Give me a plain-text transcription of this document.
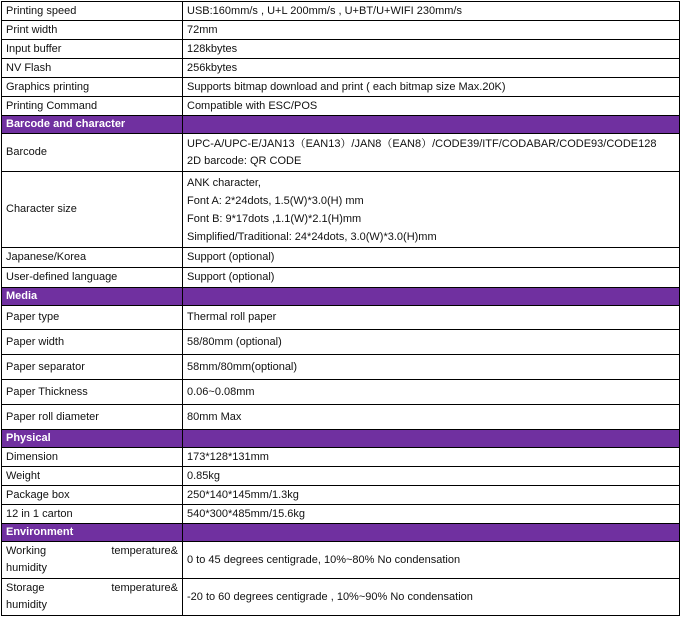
Printing speed	USB:160mm/s , U+L 200mm/s , U+BT/U+WIFI 230mm/s
Print width	72mm
Input buffer	128kbytes
NV Flash	256kbytes
Graphics printing	Supports bitmap download and print ( each bitmap size Max.20K)
Printing Command	Compatible with ESC/POS
Barcode and character	
Barcode	UPC-A/UPC-E/JAN13（EAN13）/JAN8（EAN8）/CODE39/ITF/CODABAR/CODE93/CODE128
2D barcode: QR CODE

Character size	ANK character,
Font A: 2*24dots, 1.5(W)*3.0(H) mm
Font B: 9*17dots ,1.1(W)*2.1(H)mm
Simplified/Traditional: 24*24dots, 3.0(W)*3.0(H)mm

Japanese/Korea	Support (optional)
User-defined language	Support (optional)
Media	
Paper type	Thermal roll paper
Paper width	58/80mm (optional)
Paper separator	58mm/80mm(optional)
Paper Thickness	0.06~0.08mm
Paper roll diameter	80mm Max
Physical	
Dimension	173*128*131mm
Weight	0.85kg
Package box	250*140*145mm/1.3kg
12 in 1 carton	540*300*485mm/15.6kg
Environment	

Working temperature&
humidity	0 to 45 degrees centigrade, 10%~80% No condensation

Storage temperature&
humidity	-20 to 60 degrees centigrade , 10%~90% No condensation
